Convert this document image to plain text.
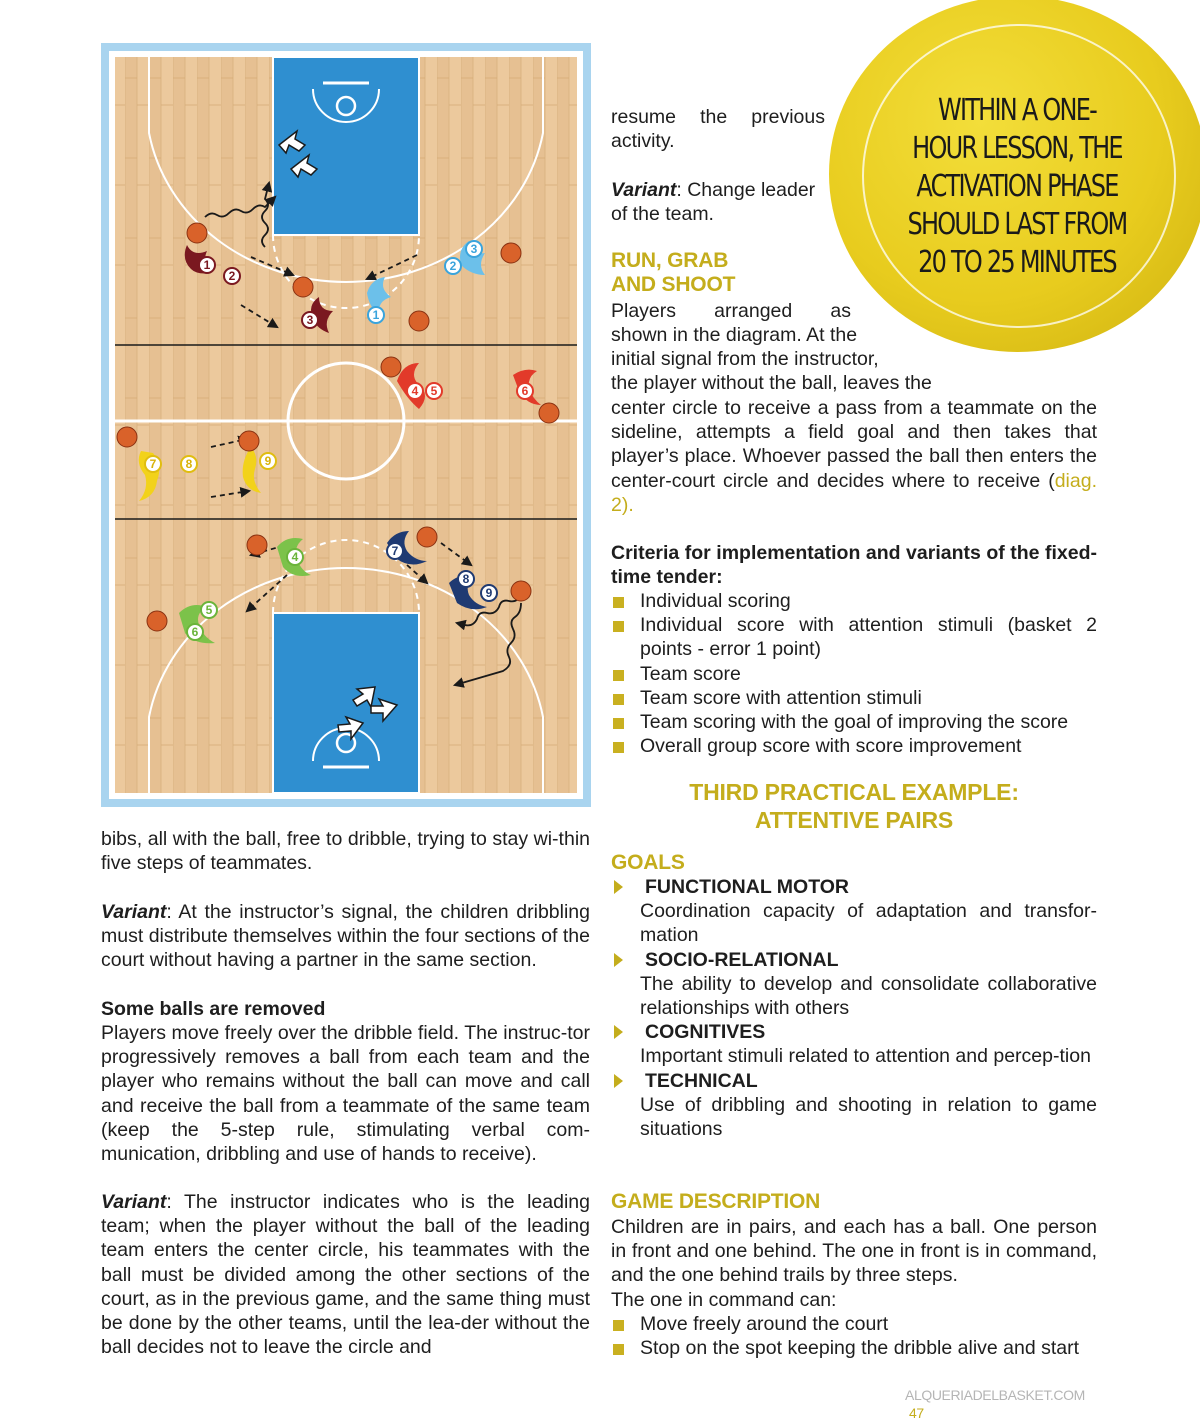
1
2
3	1
2
3
4 5	6
7 8	9
4
5
6
7
8
9
WITHIN A ONE-
HOUR LESSON, THE
ACTIVATION PHASE
SHOULD LAST FROM
20 TO 25 MINUTES
resume the previous activity.
Variant: Change leader of the team.
RUN, GRAB
AND SHOOT
Players arranged as
shown in the diagram. At the
initial signal from the instructor,
the player without the ball, leaves the
center circle to receive a pass from a teammate on the sideline, attempts a field goal and then takes that player’s place. Whoever passed the ball then enters the center-court circle and decides where to receive (diag. 2).
Criteria for implementation and variants of the fixed-time tender:
Individual scoring
Individual score with attention stimuli (basket 2 points - error 1 point)
Team score
Team score with attention stimuli
Team scoring with the goal of improving the score
Overall group score with score improvement
THIRD PRACTICAL EXAMPLE:
ATTENTIVE PAIRS
GOALS
FUNCTIONAL MOTOR
Coordination capacity of adaptation and transfor-mation
SOCIO-RELATIONAL
The ability to develop and consolidate collaborative relationships with others
COGNITIVES
Important stimuli related to attention and percep-tion
TECHNICAL
Use of dribbling and shooting in relation to game situations
GAME DESCRIPTION
Children are in pairs, and each has a ball. One person in front and one behind. The one in front is in command, and the one behind trails by three steps.
The one in command can:
Move freely around the court
Stop on the spot keeping the dribble alive and start
bibs, all with the ball, free to dribble, trying to stay wi-thin five steps of teammates.
Variant: At the instructor’s signal, the children dribbling must distribute themselves within the four sections of the court without having a partner in the same section.
Some balls are removed
Players move freely over the dribble field. The instruc-tor progressively removes a ball from each team and the player who remains without the ball can move and call and receive the ball from a teammate of the same team (keep the 5-step rule, stimulating verbal com-munication, dribbling and use of hands to receive).
Variant: The instructor indicates who is the leading team; when the player without the ball of the leading team enters the center circle, his teammates with the ball must be divided among the other sections of the court, as in the previous game, and the same thing must be done by the other teams, until the lea-der without the ball decides not to leave the circle and
ALQUERIADELBASKET.COM 47
